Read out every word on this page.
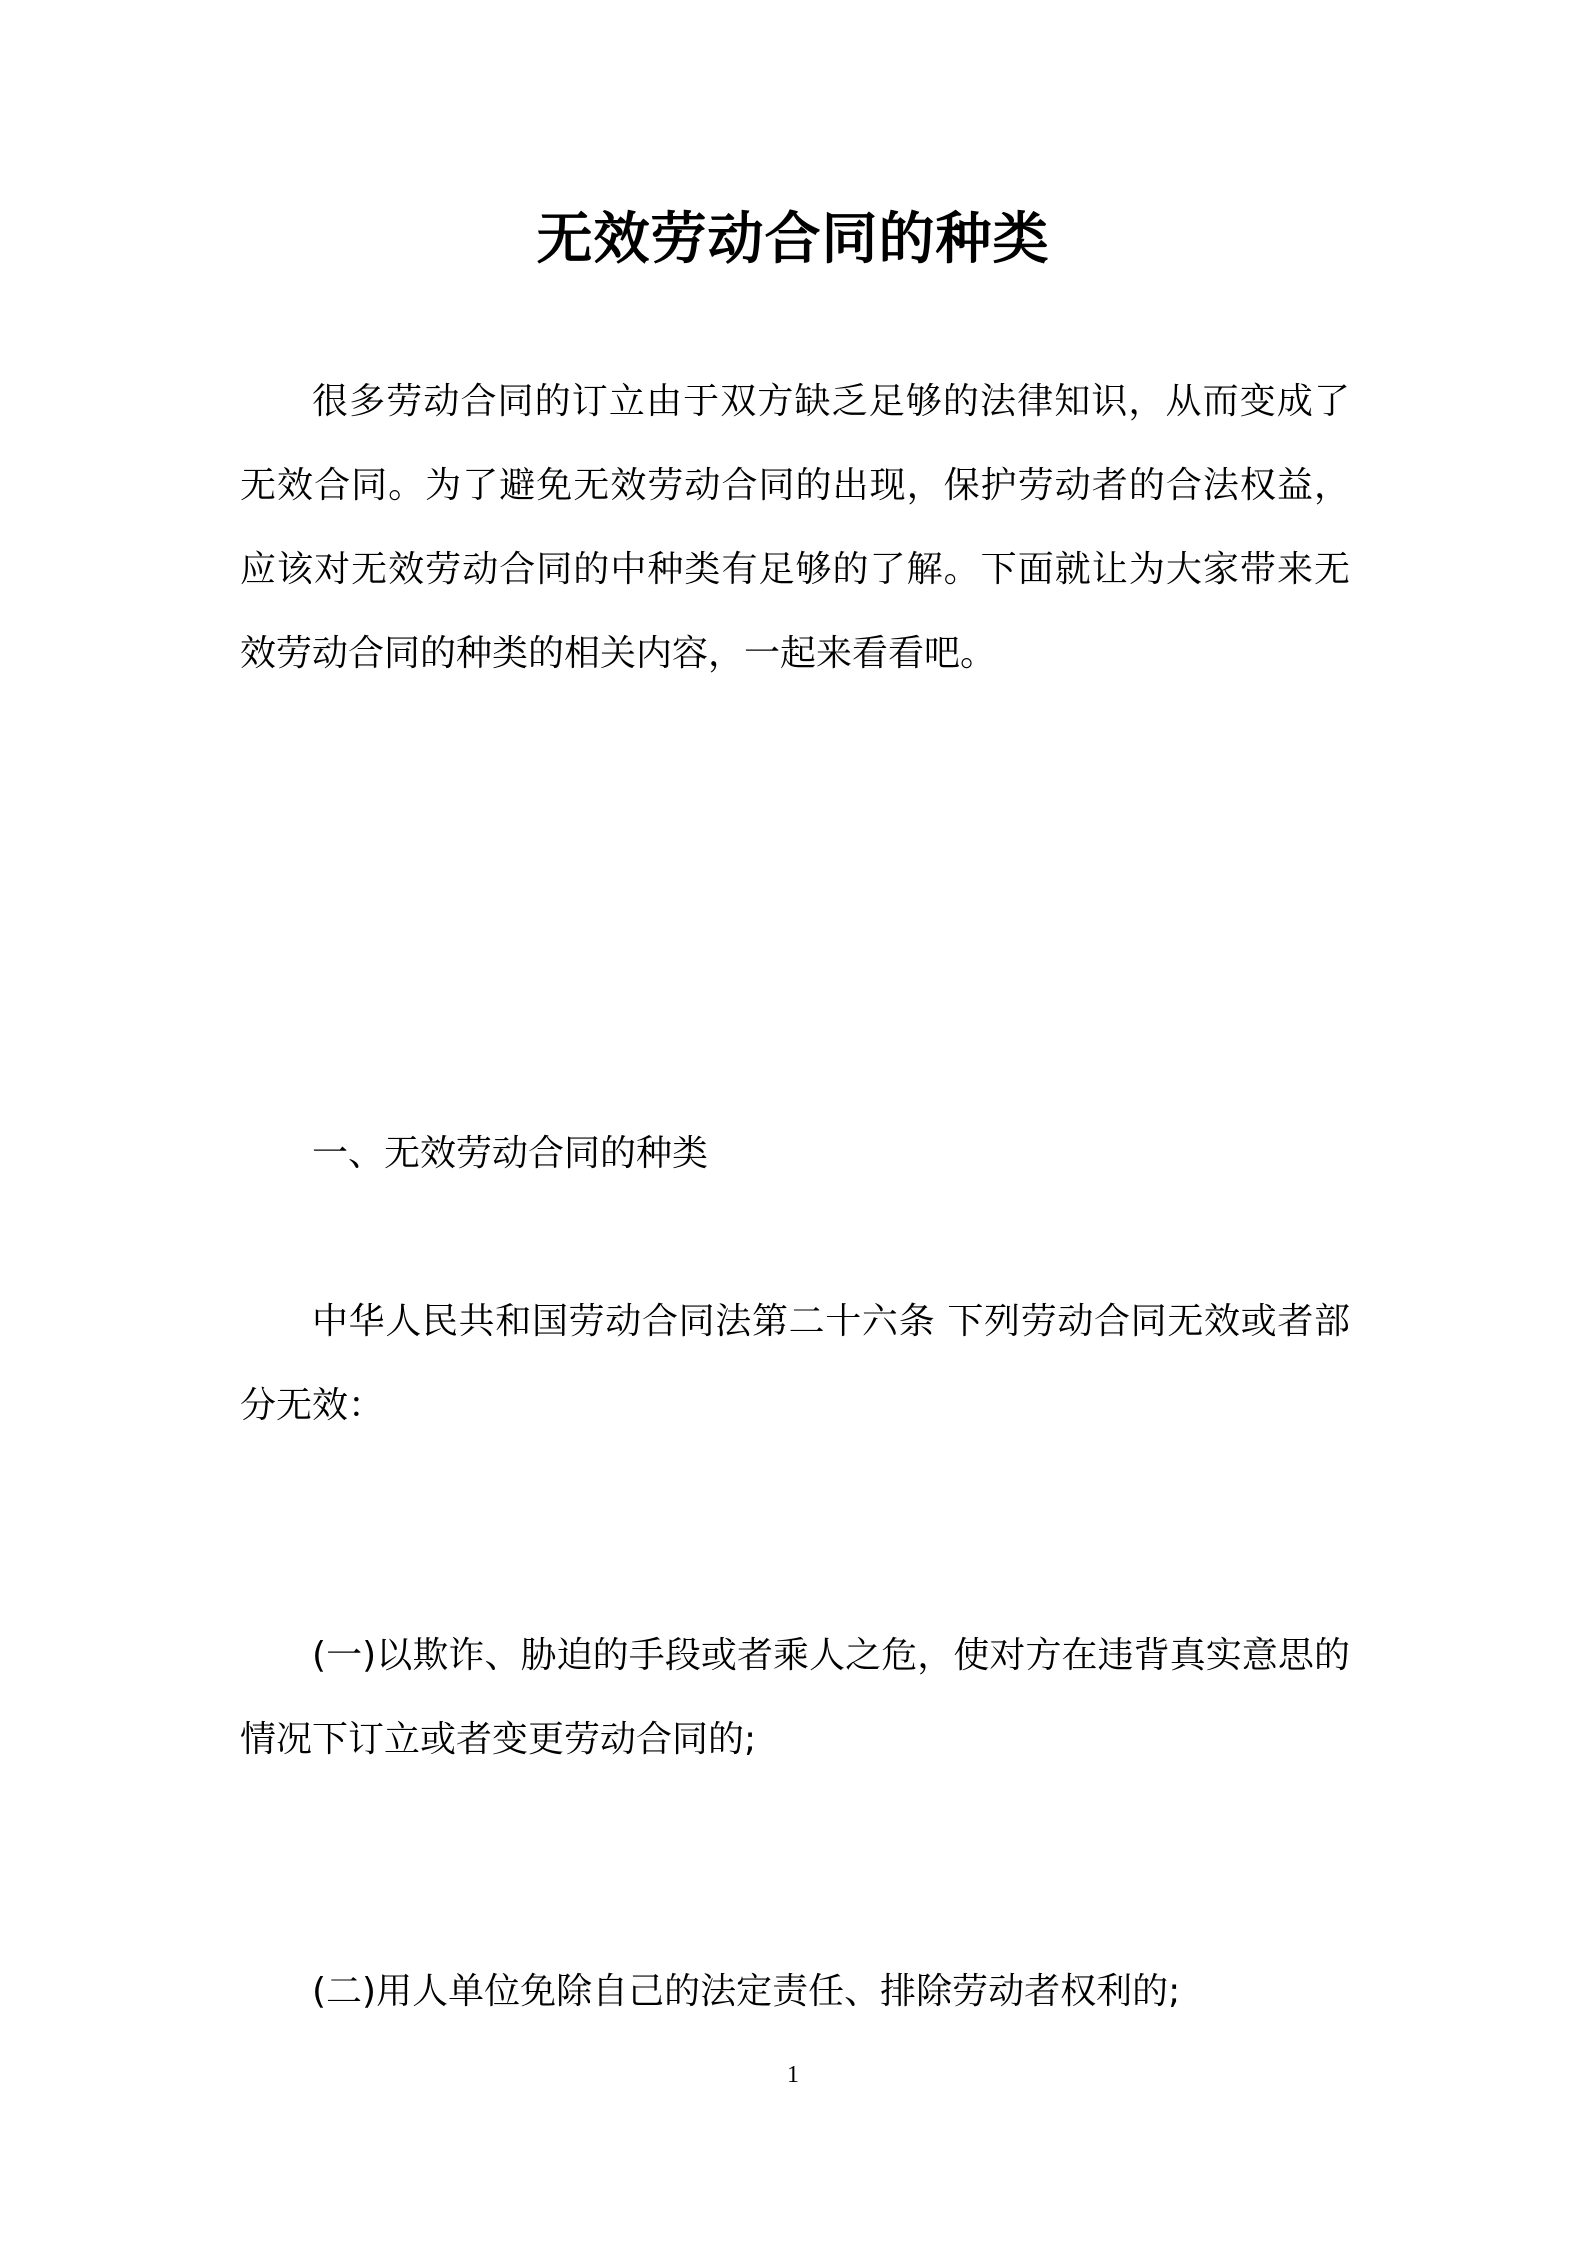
无效劳动合同的种类

很多劳动合同的订立由于双方缺乏足够的法律知识，从而变成了无效合同。为了避免无效劳动合同的出现，保护劳动者的合法权益，应该对无效劳动合同的中种类有足够的了解。下面就让为大家带来无效劳动合同的种类的相关内容，一起来看看吧。

一、无效劳动合同的种类

中华人民共和国劳动合同法第二十六条 下列劳动合同无效或者部分无效：

(一)以欺诈、胁迫的手段或者乘人之危，使对方在违背真实意思的情况下订立或者变更劳动合同的;

(二)用人单位免除自己的法定责任、排除劳动者权利的;

1
